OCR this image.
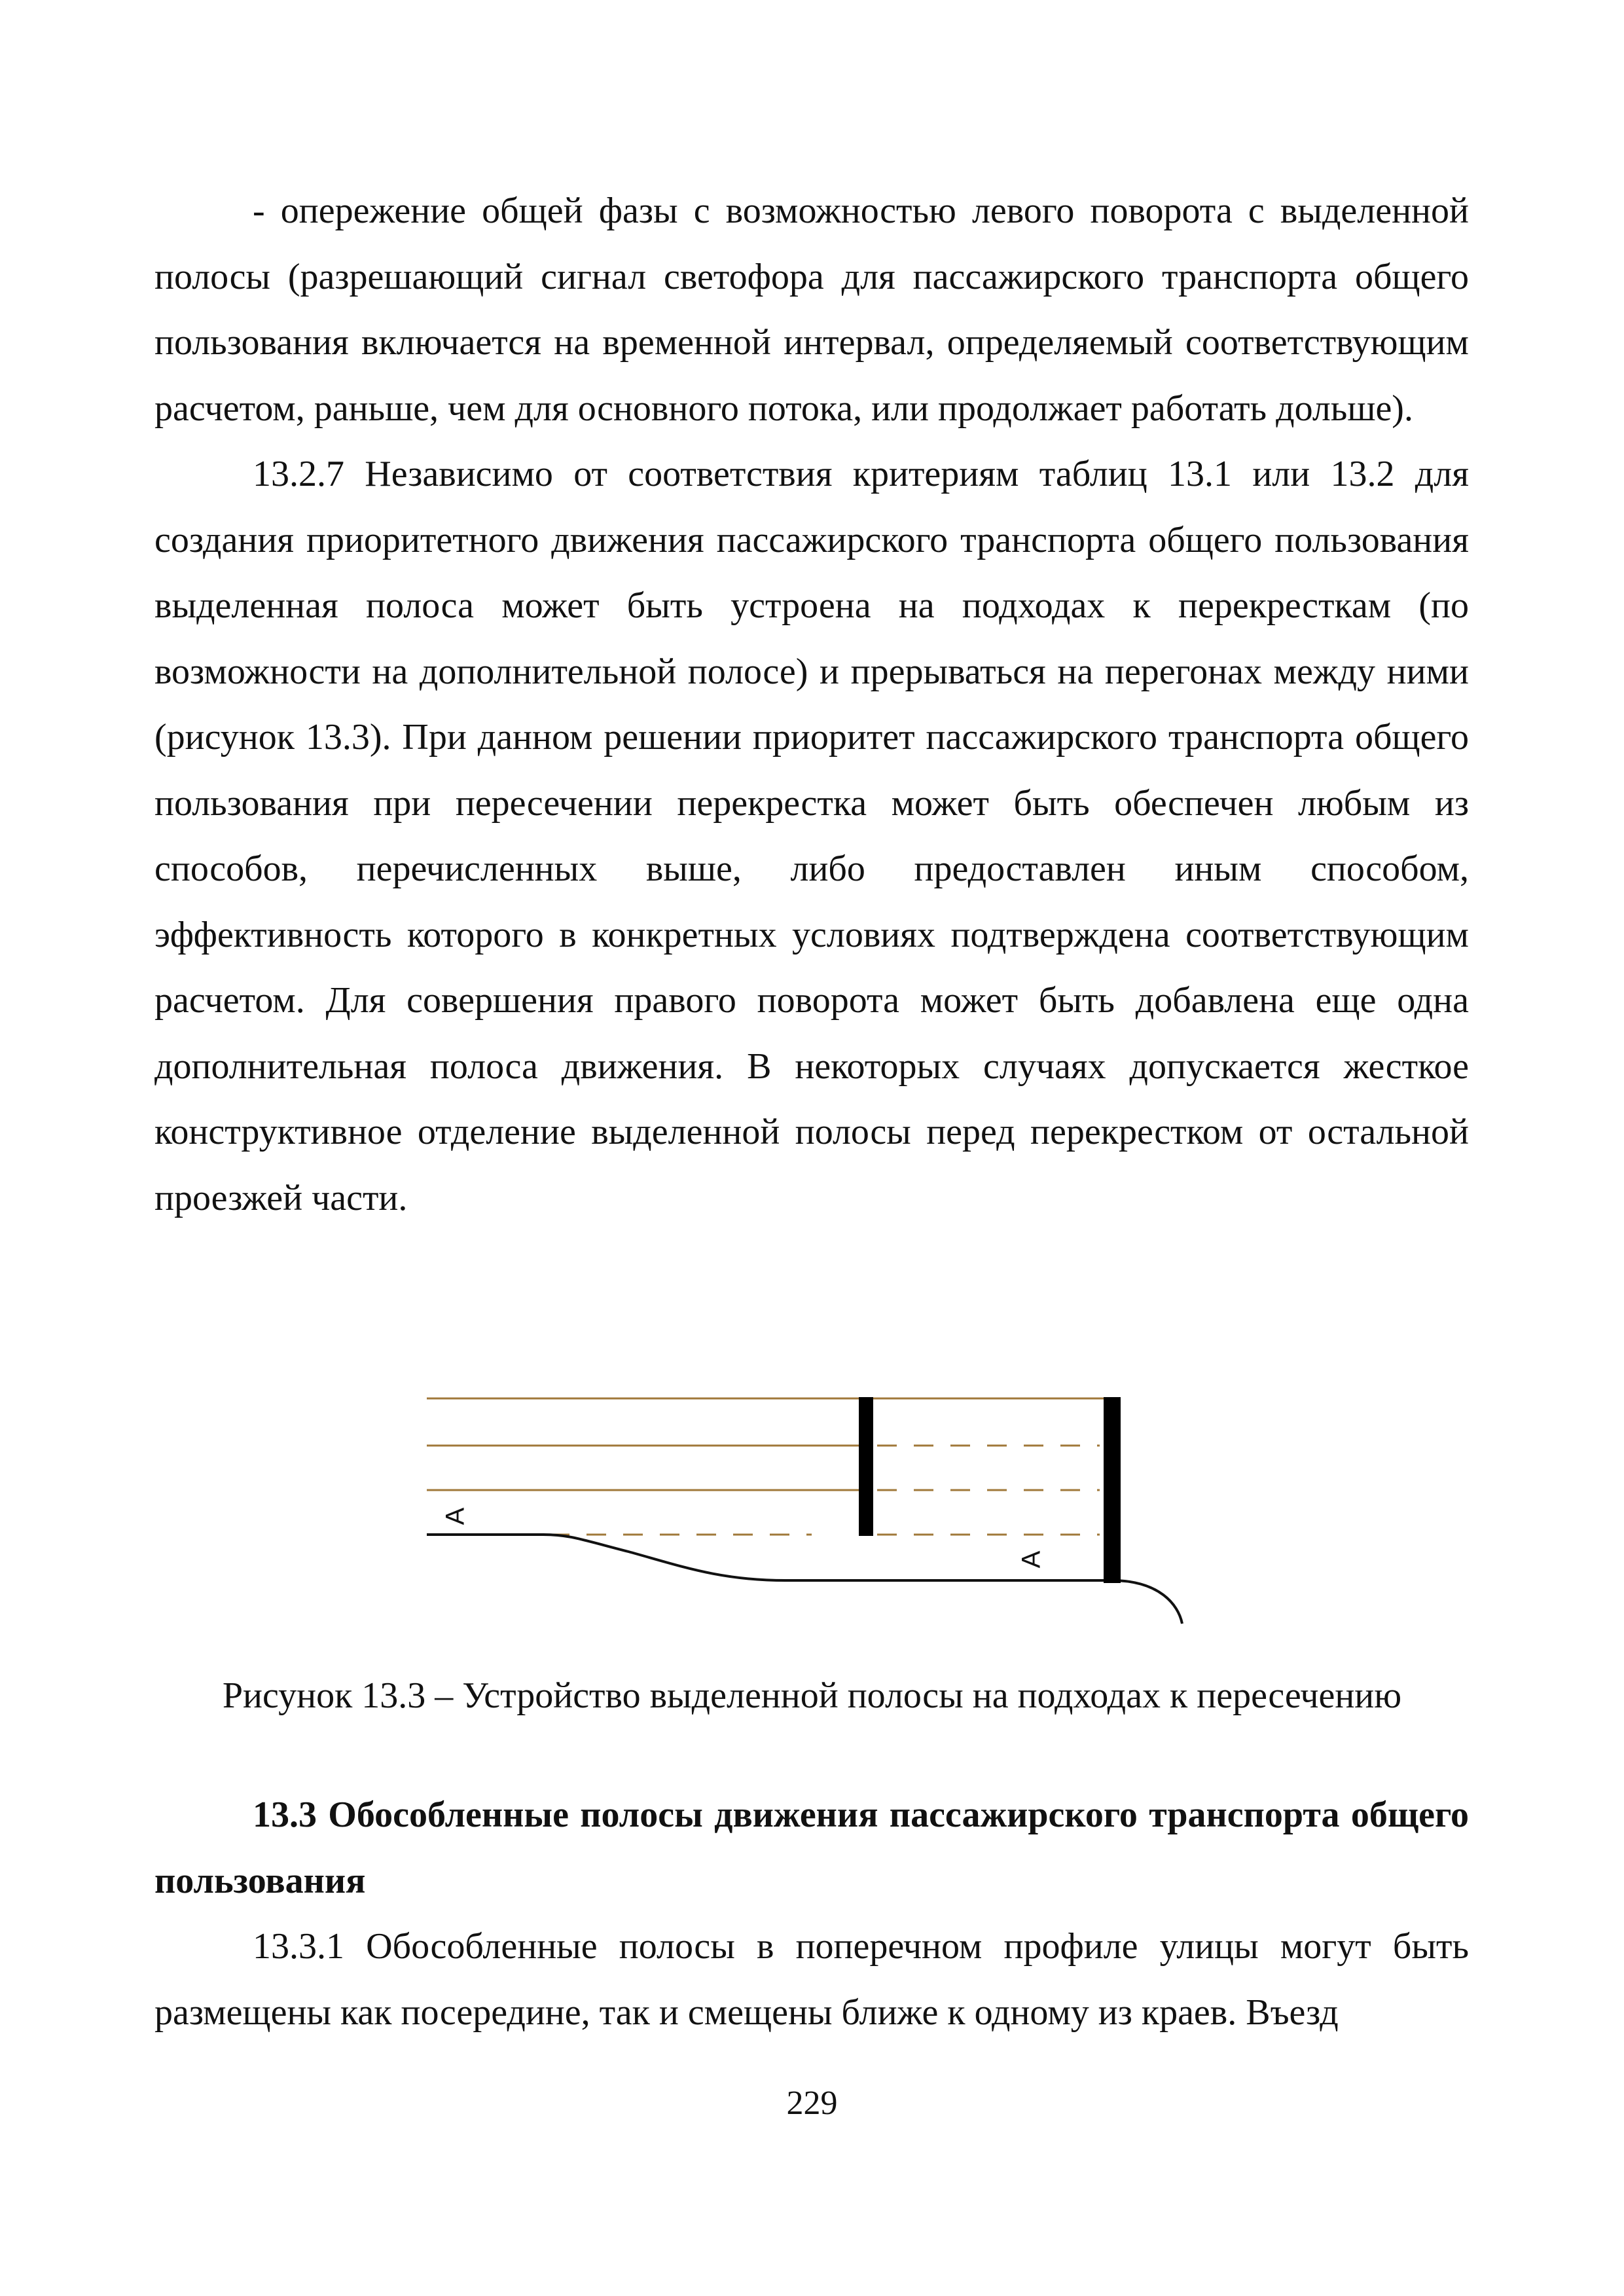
- опережение общей фазы с возможностью левого поворота с выделенной полосы (разрешающий сигнал светофора для пассажирского транспорта общего пользования включается на временной интервал, определяемый соответствующим расчетом, раньше, чем для основного потока, или продолжает работать дольше).

13.2.7 Независимо от соответствия критериям таблиц 13.1 или 13.2 для создания приоритетного движения пассажирского транспорта общего пользования выделенная полоса может быть устроена на подходах к перекресткам (по возможности на дополнительной полосе) и прерываться на перегонах между ними (рисунок 13.3). При данном решении приоритет пассажирского транспорта общего пользования при пересечении перекрестка может быть обеспечен любым из способов, перечисленных выше, либо предоставлен иным способом, эффективность которого в конкретных условиях подтверждена соответствующим расчетом. Для совершения правого поворота может быть добавлена еще одна дополнительная полоса движения. В некоторых случаях допускается жесткое конструктивное отделение выделенной полосы перед перекрестком от остальной проезжей части.

А
А
Рисунок 13.3 – Устройство выделенной полосы на подходах к пересечению

13.3 Обособленные полосы движения пассажирского транспорта общего пользования

13.3.1 Обособленные полосы в поперечном профиле улицы могут быть размещены как посередине, так и смещены ближе к одному из краев. Въезд

229
